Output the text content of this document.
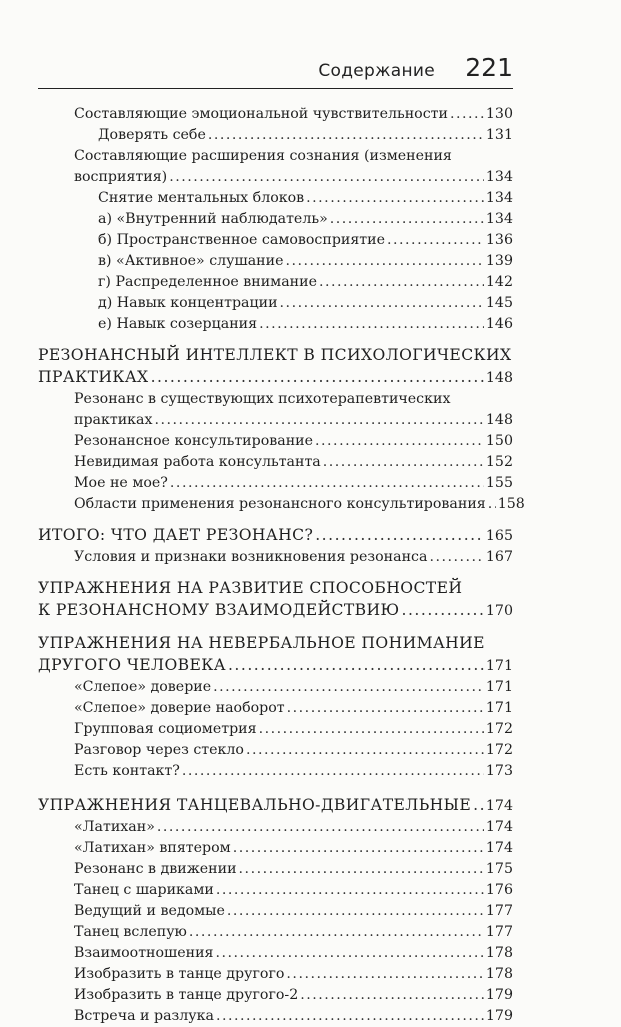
Содержание 221
Составляющие эмоциональной чувствительности .....	130
Доверять себе .....	131
Составляющие расширения сознания (изменения
восприятия) .....	134
Снятие ментальных блоков .....	134
а) «Внутренний наблюдатель» .....	134
б) Пространственное самовосприятие .....	136
в) «Активное» слушание .....	139
г) Распределенное внимание .....	142
д) Навык концентрации .....	145
е) Навык созерцания .....	146
РЕЗОНАНСНЫЙ ИНТЕЛЛЕКТ В ПСИХОЛОГИЧЕСКИХ
ПРАКТИКАХ .....	148
Резонанс в существующих психотерапевтических
практиках .....	148
Резонансное консультирование .....	150
Невидимая работа консультанта .....	152
Мое не мое? .....	155
Области применения резонансного консультирования ..... 158
ИТОГО: ЧТО ДАЕТ РЕЗОНАНС? .....	165
Условия и признаки возникновения резонанса .....	167
УПРАЖНЕНИЯ НА РАЗВИТИЕ СПОСОБНОСТЕЙ
К РЕЗОНАНСНОМУ ВЗАИМОДЕЙСТВИЮ .....	170
УПРАЖНЕНИЯ НА НЕВЕРБАЛЬНОЕ ПОНИМАНИЕ
ДРУГОГО ЧЕЛОВЕКА .....	171
«Слепое» доверие .....	171
«Слепое» доверие наоборот .....	171
Групповая социометрия .....	172
Разговор через стекло .....	172
Есть контакт? .....	173
УПРАЖНЕНИЯ ТАНЦЕВАЛЬНО-ДВИГАТЕЛЬНЫЕ ..... 174
«Латихан» .....	174
«Латихан» впятером .....	174
Резонанс в движении .....	175
Танец с шариками .....	176
Ведущий и ведомые .....	177
Танец вслепую .....	177
Взаимоотношения .....	178
Изобразить в танце другого .....	178
Изобразить в танце другого-2 .....	179
Встреча и разлука .....	179
